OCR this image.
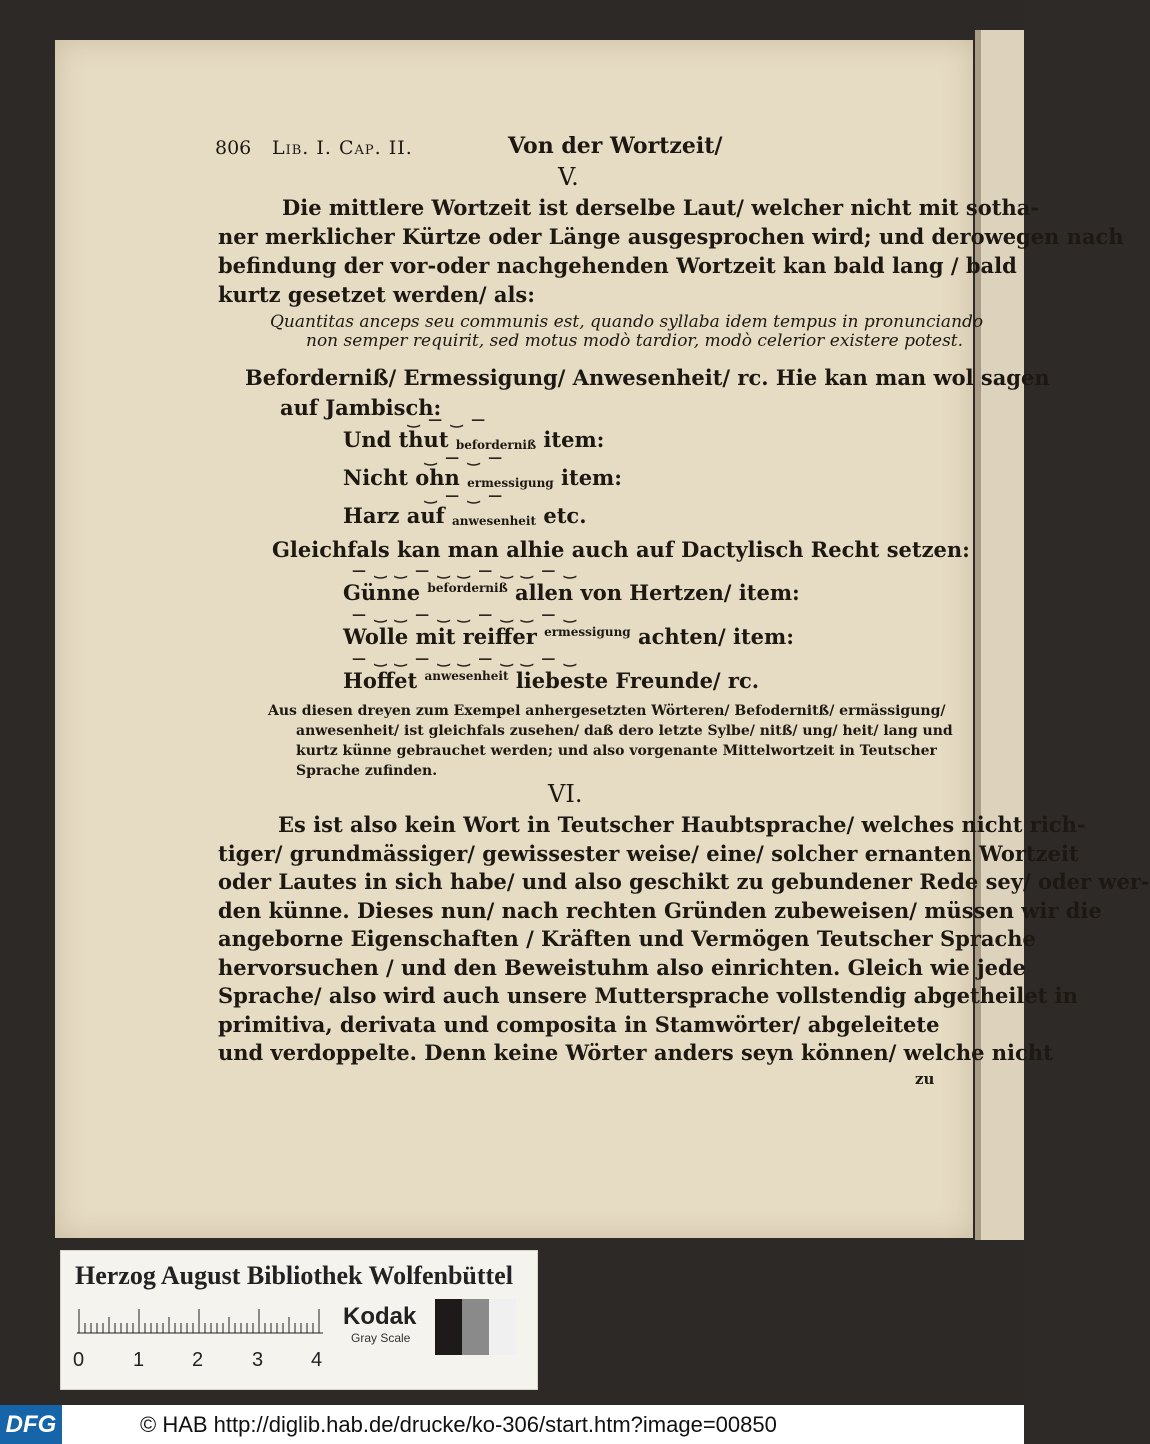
806 Lib. I. Cap. II.	Von der Wortzeit/
V.
Die mittlere Wortzeit ist derselbe Laut/ welcher nicht mit sotha-
ner merklicher Kürtze oder Länge ausgesprochen wird; und derowegen nach
befindung der vor-oder nachgehenden Wortzeit kan bald lang / bald
kurtz gesetzet werden/ als:
Quantitas anceps seu communis est, quando syllaba idem tempus in pronunciando
non semper requirit, sed motus modò tardior, modò celerior existere potest.
Beforderniß/ Ermessigung/ Anwesenheit/ rc. Hie kan man wol sagen
auf Jambisch:
‿ — ‿ —
Und thut beforderniß item:
‿ — ‿ —
Nicht ohn ermessigung item:
‿ — ‿ —
Harz auf anwesenheit etc.
Gleichfals kan man alhie auch auf Dactylisch Recht setzen:
— ‿ ‿ — ‿ ‿ — ‿ ‿ — ‿
Günne $^{beforderniß}$ allen von Hertzen/ item:
— ‿ ‿ — ‿ ‿ — ‿ ‿ — ‿
Wolle mit reiffer $^{ermessigung}$ achten/ item:
— ‿ ‿ — ‿ ‿ — ‿ ‿ — ‿
Hoffet $^{anwesenheit}$ liebeste Freunde/ rc.
Aus diesen dreyen zum Exempel anhergesetzten Wörteren/ Befodernitß/ ermässigung/
anwesenheit/ ist gleichfals zusehen/ daß dero letzte Sylbe/ nitß/ ung/ heit/ lang und
kurtz künne gebrauchet werden; und also vorgenante Mittelwortzeit in Teutscher
Sprache zufinden.
VI.
Es ist also kein Wort in Teutscher Haubtsprache/ welches nicht rich-
tiger/ grundmässiger/ gewissester weise/ eine/ solcher ernanten Wortzeit
oder Lautes in sich habe/ und also geschikt zu gebundener Rede sey/ oder wer-
den künne. Dieses nun/ nach rechten Gründen zubeweisen/ müssen wir die
angeborne Eigenschaften / Kräften und Vermögen Teutscher Sprache
hervorsuchen / und den Beweistuhm also einrichten. Gleich wie jede
Sprache/ also wird auch unsere Muttersprache vollstendig abgetheilet in
primitiva, derivata und composita in Stamwörter/ abgeleitete
und verdoppelte. Denn keine Wörter anders seyn können/ welche nicht
zu
Herzog August Bibliothek Wolfenbüttel
0 1 2 3 4
Kodak
Gray Scale
DFG	© HAB http://diglib.hab.de/drucke/ko-306/start.htm?image=00850
